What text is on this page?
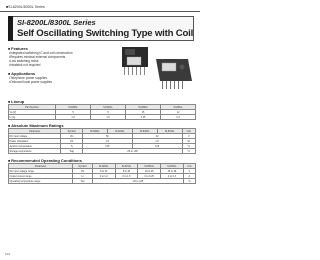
■SI-8200L/8300L Series
SI-8200L/8300L Series
Self Oscillating Switching Type with Coil
■ Features
• Integrated switching IC and coil construction
• Requires minimal external components
• Low switching noise
• Heatsink not required
■ Applications
• Telephone power supplies
• Onboard local power supplies
■ Lineup
Part Number	SI-8201L	SI-8211L	SI-8301L	SI-8311L
Vo (V)	5	5	15	12
Io (A)	1.0	1.5	0.25	0.3
■ Absolute Maximum Ratings
Parameter	Symbol	SI-8201L	SI-8211L	SI-8301L	SI-8311L	Unit
DC input voltage	Vin	50		32		V
Power dissipation	Pd	1.5		1.5		W
Junction temperature	Tj	125		125		°C
Storage temperature	Tstg	-25 to +85				°C
■ Recommended Operating Conditions
Parameter	Symbol	SI-8201L	SI-8211L	SI-8301L	SI-8311L	Unit
DC input voltage range	Vin	8 to 40	8 to 40	18 to 28	15 to 28	V
Output current range	Io	0 to 1.0	0 to 1.5	0 to 0.25	0 to 0.3	A
Operating temperature range	Top	-20 to +85				°C
104
